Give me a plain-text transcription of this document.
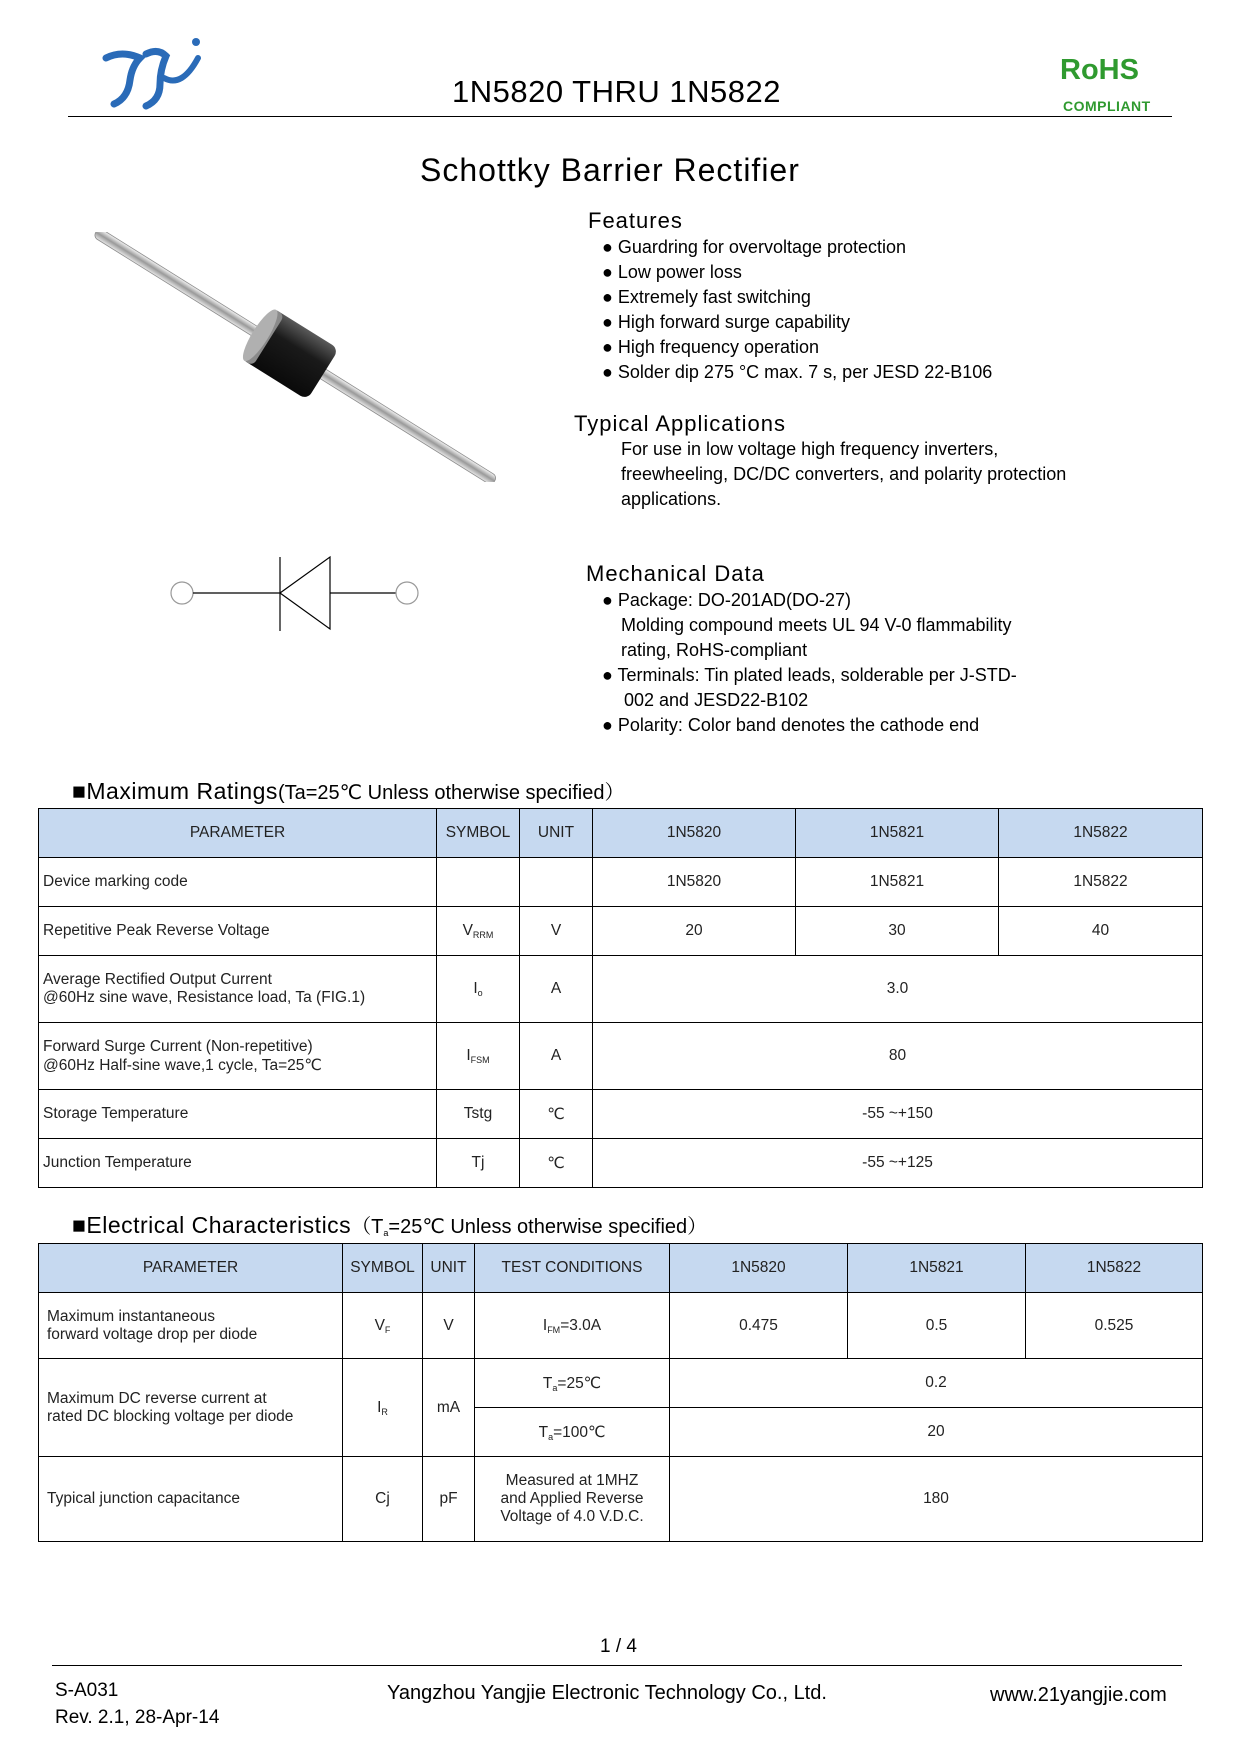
1N5820 THRU 1N5822
RoHS
COMPLIANT
Schottky Barrier Rectifier
Features
● Guardring for overvoltage protection
● Low power loss
● Extremely fast switching
● High forward surge capability
● High frequency operation
● Solder dip 275 °C max. 7 s, per JESD 22-B106
Typical Applications
For use in low voltage high frequency inverters,
freewheeling, DC/DC converters, and polarity protection
applications.
Mechanical Data
● Package: DO-201AD(DO-27)
Molding compound meets UL 94 V-0 flammability
rating, RoHS-compliant
● Terminals: Tin plated leads, solderable per J-STD-
002 and JESD22-B102
● Polarity: Color band denotes the cathode end
■Maximum Ratings(Ta=25℃ Unless otherwise specified）
PARAMETER	SYMBOL	UNIT	1N5820	1N5821	1N5822
Device marking code			1N5820	1N5821	1N5822
Repetitive Peak Reverse Voltage	$V_{RRM}$	V	20	30	40

Average Rectified Output Current
@60Hz sine wave, Resistance load, Ta (FIG.1)	$I_o$	A	3.0		

Forward Surge Current (Non-repetitive)
@60Hz Half-sine wave,1 cycle, Ta=25℃	$I_{FSM}$	A	80		
Storage Temperature	Tstg	℃	-55 ~+150		
Junction Temperature	Tj	℃	-55 ~+125		
■Electrical $Characteristics(T_a=25℃$ Unless otherwise specified）
PARAMETER	SYMBOL	UNIT	TEST CONDITIONS	1N5820	1N5821	1N5822

Maximum instantaneous
forward voltage drop per diode	$V_F$	V	$I_{FM}=3.0A$	0.475	0.5	0.525

Maximum DC reverse current at
rated DC blocking voltage per diode	$I_R$	mA	$T_a=25℃$	0.2		
			$T_a=100℃$	20		
Typical junction capacitance	Cj	pF	Measured at 1MHZ
and Applied Reverse
Voltage of 4.0 V.D.C.	180		
1 / 4
S-A031
Rev. 2.1, 28-Apr-14
Yangzhou Yangjie Electronic Technology Co., Ltd.	www.21yangjie.com
